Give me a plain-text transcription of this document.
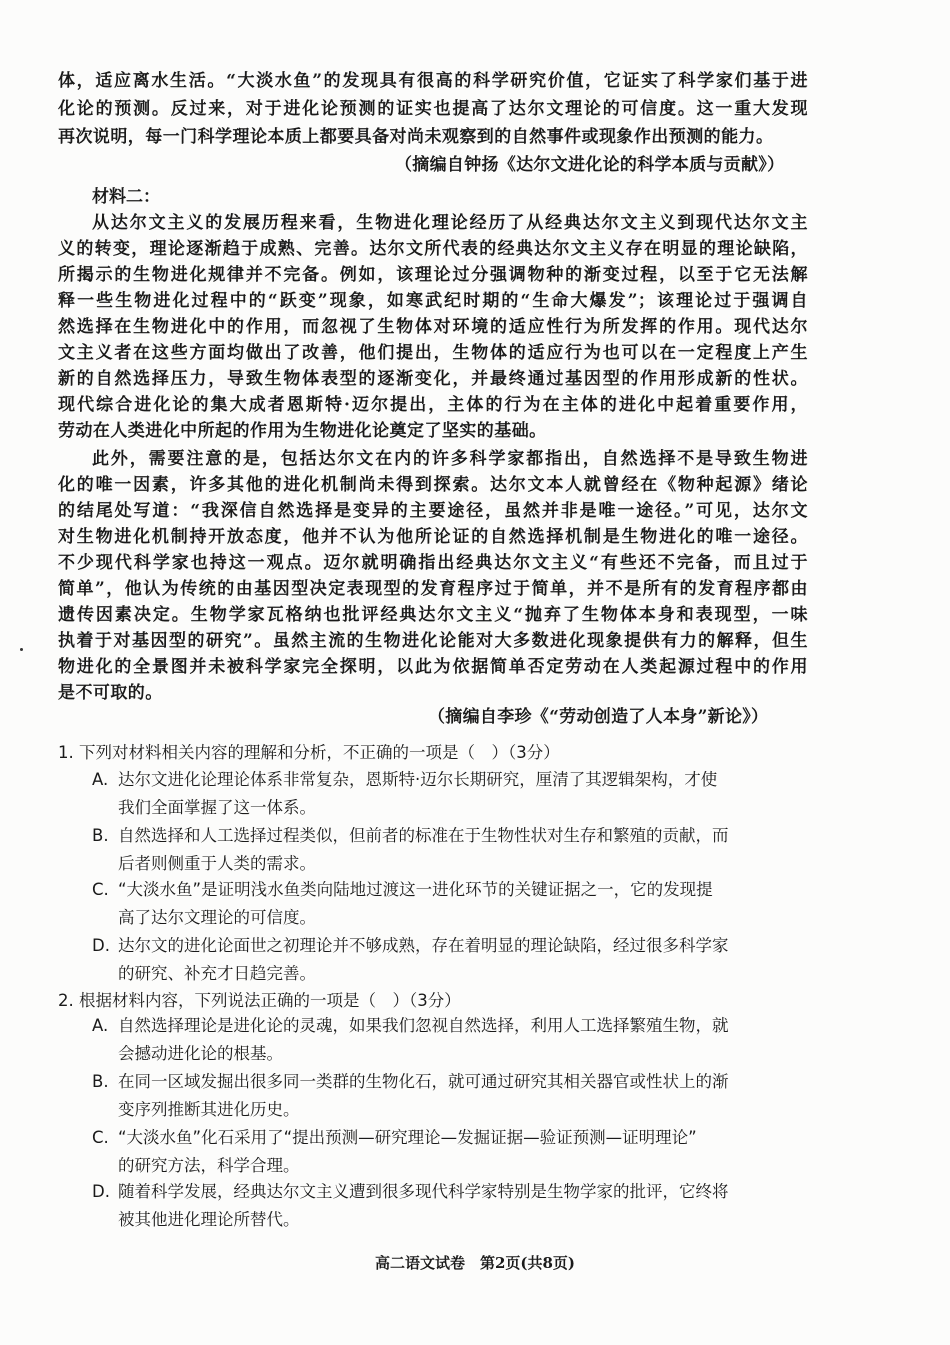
体，适应离水生活。“大淡水鱼”的发现具有很高的科学研究价值，它证实了科学家们基于进
化论的预测。反过来，对于进化论预测的证实也提高了达尔文理论的可信度。这一重大发现
再次说明，每一门科学理论本质上都要具备对尚未观察到的自然事件或现象作出预测的能力。
（摘编自钟扬《达尔文进化论的科学本质与贡献》）
材料二：
从达尔文主义的发展历程来看，生物进化理论经历了从经典达尔文主义到现代达尔文主
义的转变，理论逐渐趋于成熟、完善。达尔文所代表的经典达尔文主义存在明显的理论缺陷，
所揭示的生物进化规律并不完备。例如，该理论过分强调物种的渐变过程，以至于它无法解
释一些生物进化过程中的“跃变”现象，如寒武纪时期的“生命大爆发”；该理论过于强调自
然选择在生物进化中的作用，而忽视了生物体对环境的适应性行为所发挥的作用。现代达尔
文主义者在这些方面均做出了改善，他们提出，生物体的适应行为也可以在一定程度上产生
新的自然选择压力，导致生物体表型的逐渐变化，并最终通过基因型的作用形成新的性状。
现代综合进化论的集大成者恩斯特·迈尔提出，主体的行为在主体的进化中起着重要作用，
劳动在人类进化中所起的作用为生物进化论奠定了坚实的基础。
此外，需要注意的是，包括达尔文在内的许多科学家都指出，自然选择不是导致生物进
化的唯一因素，许多其他的进化机制尚未得到探索。达尔文本人就曾经在《物种起源》绪论
的结尾处写道：“我深信自然选择是变异的主要途径，虽然并非是唯一途径。”可见，达尔文
对生物进化机制持开放态度，他并不认为他所论证的自然选择机制是生物进化的唯一途径。
不少现代科学家也持这一观点。迈尔就明确指出经典达尔文主义“有些还不完备，而且过于
简单”，他认为传统的由基因型决定表现型的发育程序过于简单，并不是所有的发育程序都由
遗传因素决定。生物学家瓦格纳也批评经典达尔文主义“抛弃了生物体本身和表现型，一味
执着于对基因型的研究”。虽然主流的生物进化论能对大多数进化现象提供有力的解释，但生
物进化的全景图并未被科学家完全探明，以此为依据简单否定劳动在人类起源过程中的作用
是不可取的。
（摘编自李珍《“劳动创造了人本身”新论》）
1. 下列对材料相关内容的理解和分析，不正确的一项是（　）（3分）
A. 达尔文进化论理论体系非常复杂，恩斯特·迈尔长期研究，厘清了其逻辑架构，才使
我们全面掌握了这一体系。
B. 自然选择和人工选择过程类似，但前者的标准在于生物性状对生存和繁殖的贡献，而
后者则侧重于人类的需求。
C. “大淡水鱼”是证明浅水鱼类向陆地过渡这一进化环节的关键证据之一，它的发现提
高了达尔文理论的可信度。
D. 达尔文的进化论面世之初理论并不够成熟，存在着明显的理论缺陷，经过很多科学家
的研究、补充才日趋完善。
2. 根据材料内容，下列说法正确的一项是（　）（3分）
A. 自然选择理论是进化论的灵魂，如果我们忽视自然选择，利用人工选择繁殖生物，就
会撼动进化论的根基。
B. 在同一区域发掘出很多同一类群的生物化石，就可通过研究其相关器官或性状上的渐
变序列推断其进化历史。
C. “大淡水鱼”化石采用了“提出预测—研究理论—发掘证据—验证预测—证明理论”
的研究方法，科学合理。
D. 随着科学发展，经典达尔文主义遭到很多现代科学家特别是生物学家的批评，它终将
被其他进化理论所替代。
高二语文试卷　第2页(共8页)
